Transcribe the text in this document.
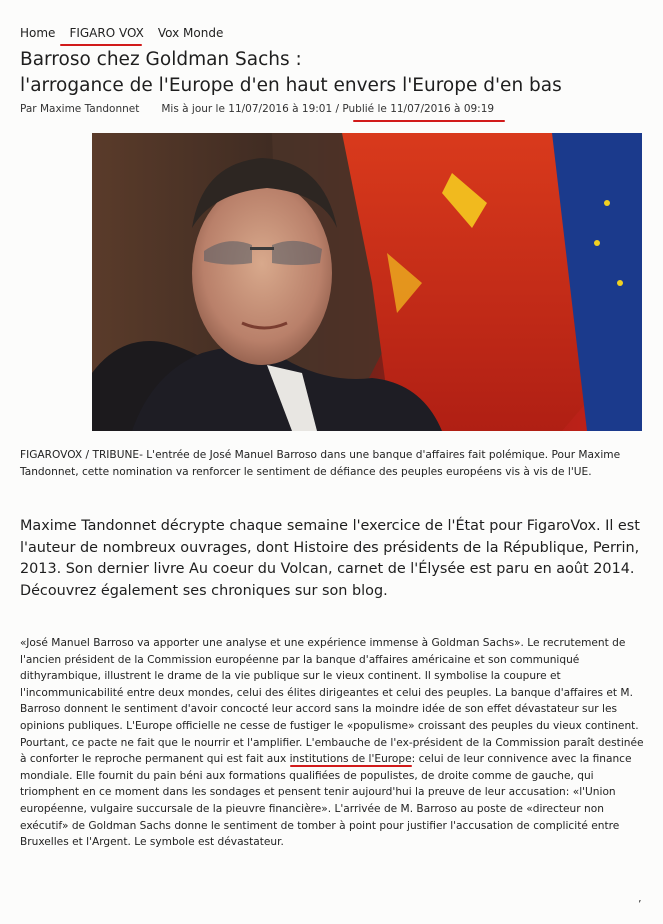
Home FIGARO VOX Vox Monde
Barroso chez Goldman Sachs :
l'arrogance de l'Europe d'en haut envers l'Europe d'en bas
Par Maxime Tandonnet Mis à jour le 11/07/2016 à 19:01 / Publié le 11/07/2016 à 09:19
FIGAROVOX / TRIBUNE- L'entrée de José Manuel Barroso dans une banque d'affaires fait polémique. Pour Maxime Tandonnet, cette nomination va renforcer le sentiment de défiance des peuples européens vis à vis de l'UE.
Maxime Tandonnet décrypte chaque semaine l'exercice de l'État pour FigaroVox. Il est l'auteur de nombreux ouvrages, dont Histoire des présidents de la République, Perrin, 2013. Son dernier livre Au coeur du Volcan, carnet de l'Élysée est paru en août 2014. Découvrez également ses chroniques sur son blog.
«José Manuel Barroso va apporter une analyse et une expérience immense à Goldman Sachs». Le recrutement de l'ancien président de la Commission européenne par la banque d'affaires américaine et son communiqué dithyrambique, illustrent le drame de la vie publique sur le vieux continent. Il symbolise la coupure et l'incommunicabilité entre deux mondes, celui des élites dirigeantes et celui des peuples. La banque d'affaires et M. Barroso donnent le sentiment d'avoir concocté leur accord sans la moindre idée de son effet dévastateur sur les opinions publiques. L'Europe officielle ne cesse de fustiger le «populisme» croissant des peuples du vieux continent. Pourtant, ce pacte ne fait que le nourrir et l'amplifier. L'embauche de l'ex-président de la Commission paraît destinée à conforter le reproche permanent qui est fait aux institutions de l'Europe: celui de leur connivence avec la finance mondiale. Elle fournit du pain béni aux formations qualifiées de populistes, de droite comme de gauche, qui triomphent en ce moment dans les sondages et pensent tenir aujourd'hui la preuve de leur accusation: «l'Union européenne, vulgaire succursale de la pieuvre financière». L'arrivée de M. Barroso au poste de «directeur non exécutif» de Goldman Sachs donne le sentiment de tomber à point pour justifier l'accusation de complicité entre Bruxelles et l'Argent. Le symbole est dévastateur.
’
